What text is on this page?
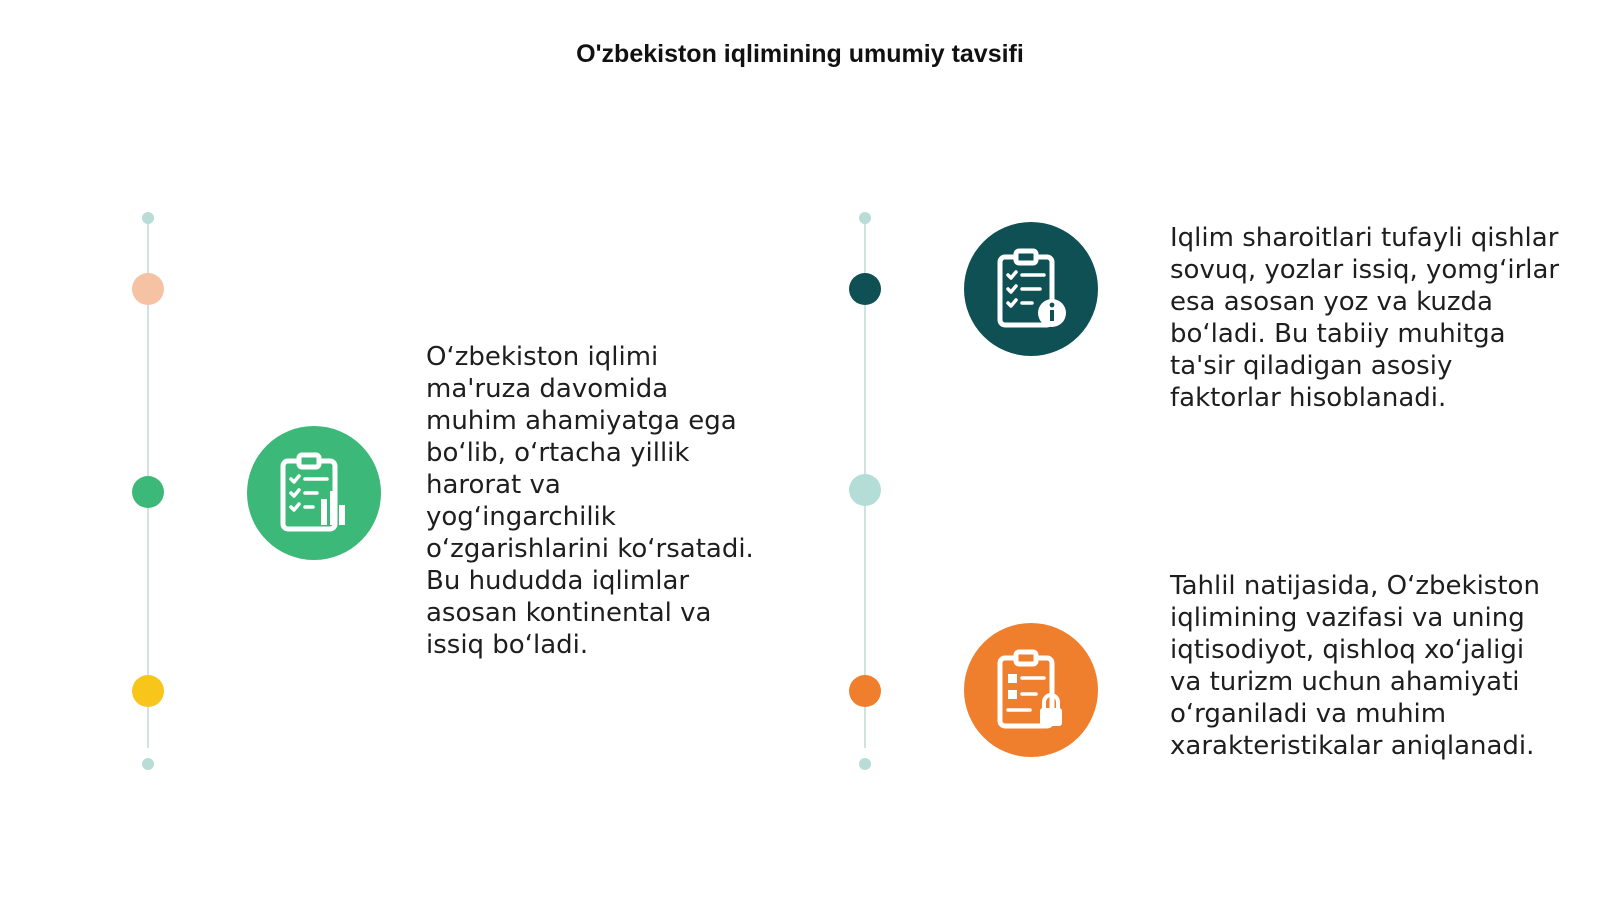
O'zbekiston iqlimining umumiy tavsifi
O‘zbekiston iqlimi ma'ruza davomida muhim ahamiyatga ega bo‘lib, o‘rtacha yillik harorat va yog‘ingarchilik o‘zgarishlarini ko‘rsatadi. Bu hududda iqlimlar asosan kontinental va issiq bo‘ladi.
Iqlim sharoitlari tufayli qishlar sovuq, yozlar issiq, yomg‘irlar esa asosan yoz va kuzda bo‘ladi. Bu tabiiy muhitga ta'sir qiladigan asosiy faktorlar hisoblanadi.
Tahlil natijasida, O‘zbekiston iqlimining vazifasi va uning iqtisodiyot, qishloq xo‘jaligi va turizm uchun ahamiyati o‘rganiladi va muhim xarakteristikalar aniqlanadi.
